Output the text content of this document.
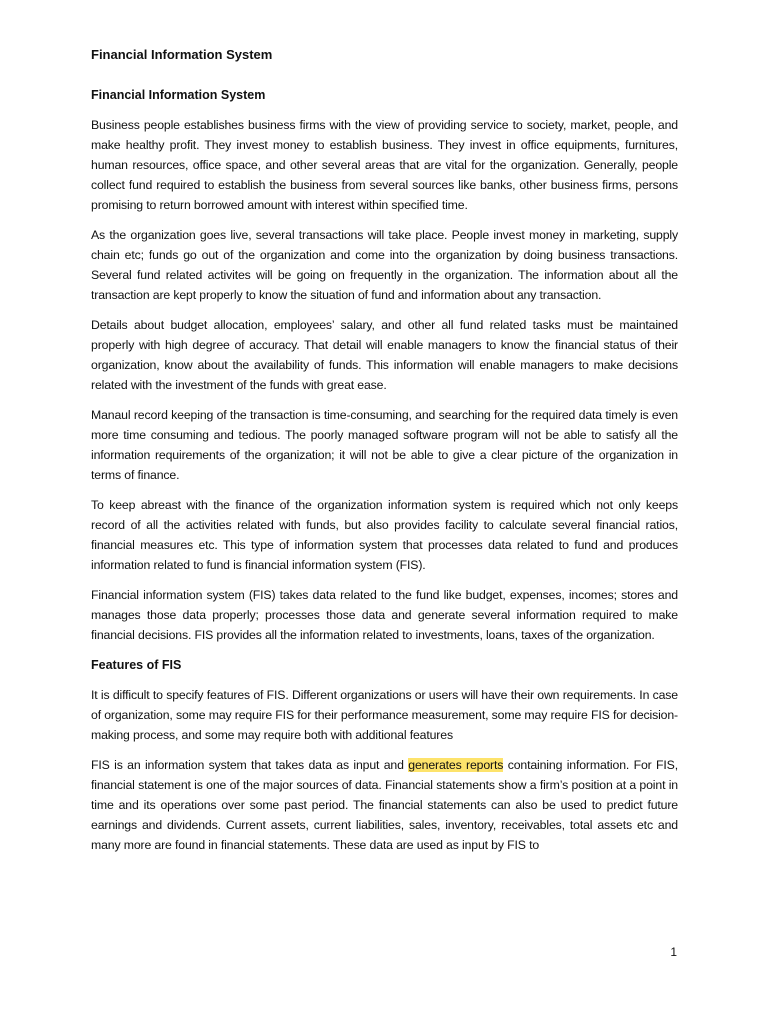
Financial Information System
Financial Information System

Business people establishes business firms with the view of providing service to society, market, people, and make healthy profit. They invest money to establish business. They invest in office equipments, furnitures, human resources, office space, and other several areas that are vital for the organization. Generally, people collect fund required to establish the business from several sources like banks, other business firms, persons promising to return borrowed amount with interest within specified time.

As the organization goes live, several transactions will take place. People invest money in marketing, supply chain etc; funds go out of the organization and come into the organization by doing business transactions. Several fund related activites will be going on frequently in the organization. The information about all the transaction are kept properly to know the situation of fund and information about any transaction.

Details about budget allocation, employees’ salary, and other all fund related tasks must be maintained properly with high degree of accuracy. That detail will enable managers to know the financial status of their organization, know about the availability of funds. This information will enable managers to make decisions related with the investment of the funds with great ease.

Manaul record keeping of the transaction is time-consuming, and searching for the required data timely is even more time consuming and tedious. The poorly managed software program will not be able to satisfy all the information requirements of the organization; it will not be able to give a clear picture of the organization in terms of finance.

To keep abreast with the finance of the organization information system is required which not only keeps record of all the activities related with funds, but also provides facility to calculate several financial ratios, financial measures etc. This type of information system that processes data related to fund and produces information related to fund is financial information system (FIS).

Financial information system (FIS) takes data related to the fund like budget, expenses, incomes; stores and manages those data properly; processes those data and generate several information required to make financial decisions. FIS provides all the information related to investments, loans, taxes of the organization.

Features of FIS

It is difficult to specify features of FIS. Different organizations or users will have their own requirements. In case of organization, some may require FIS for their performance measurement, some may require FIS for decision-making process, and some may require both with additional features

FIS is an information system that takes data as input and generates reports containing information. For FIS, financial statement is one of the major sources of data. Financial statements show a firm’s position at a point in time and its operations over some past period. The financial statements can also be used to predict future earnings and dividends. Current assets, current liabilities, sales, inventory, receivables, total assets etc and many more are found in financial statements. These data are used as input by FIS to

1
